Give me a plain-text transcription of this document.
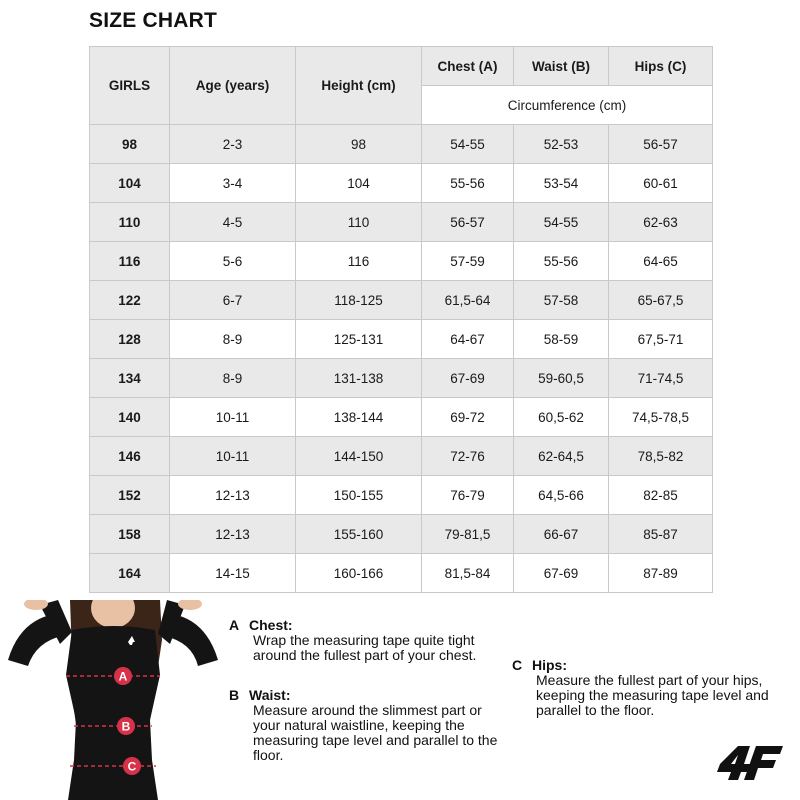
SIZE CHART
GIRLS	Age (years)	Height (cm)	Chest (A)	Waist (B)	Hips (C)
			Circumference (cm)		
98	2-3	98	54-55	52-53	56-57
104	3-4	104	55-56	53-54	60-61
110	4-5	110	56-57	54-55	62-63
116	5-6	116	57-59	55-56	64-65
122	6-7	118-125	61,5-64	57-58	65-67,5
128	8-9	125-131	64-67	58-59	67,5-71
134	8-9	131-138	67-69	59-60,5	71-74,5
140	10-11	138-144	69-72	60,5-62	74,5-78,5
146	10-11	144-150	72-76	62-64,5	78,5-82
152	12-13	150-155	76-79	64,5-66	82-85
158	12-13	155-160	79-81,5	66-67	85-87
164	14-15	160-166	81,5-84	67-69	87-89
A
B
C
A Chest:
Wrap the measuring tape quite tight
around the fullest part of your chest.
B Waist:
Measure around the slimmest part or
your natural waistline, keeping the
measuring tape level and parallel to the
floor.
C Hips:
Measure the fullest part of your hips,
keeping the measuring tape level and
parallel to the floor.
